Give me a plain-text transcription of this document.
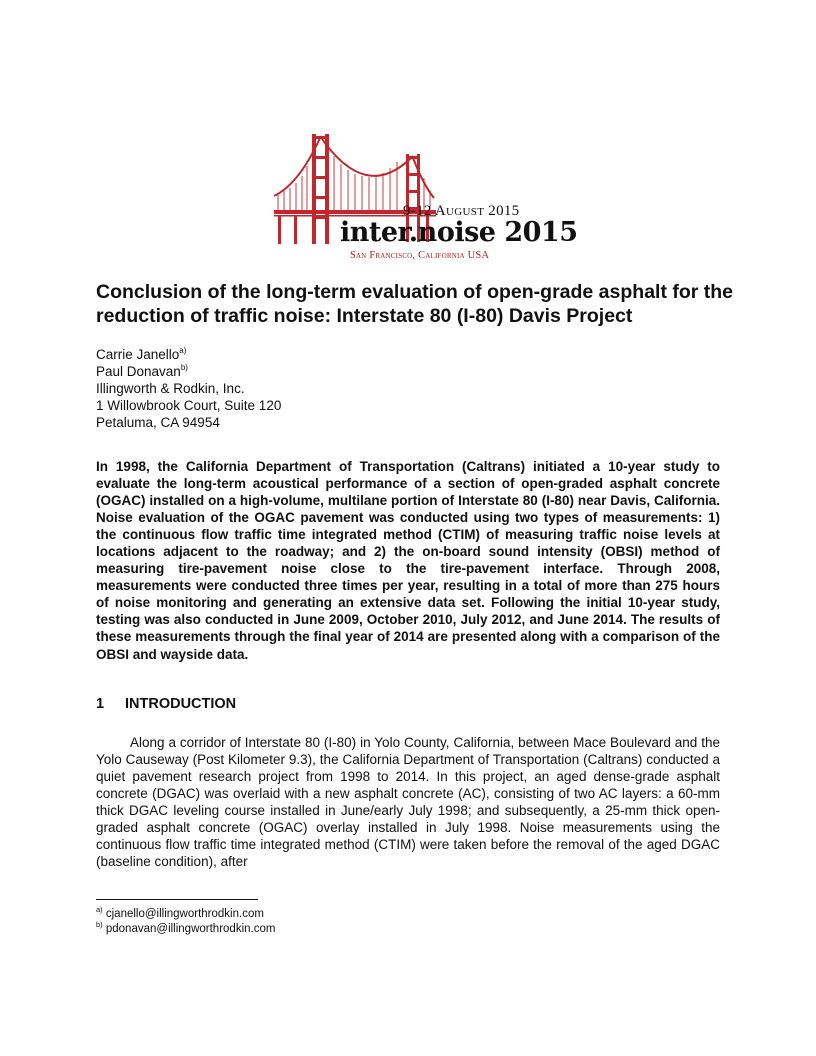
9-12 August 2015
inter.noise 2015
San Francisco, California USA
Conclusion of the long-term evaluation of open-grade asphalt for the reduction of traffic noise: Interstate 80 (I-80) Davis Project
Carrie Janello$^{a)}$
Paul Donavan$^{b)}$
Illingworth & Rodkin, Inc.
1 Willowbrook Court, Suite 120
Petaluma, CA 94954
In 1998, the California Department of Transportation (Caltrans) initiated a 10-year study to evaluate the long-term acoustical performance of a section of open-graded asphalt concrete (OGAC) installed on a high-volume, multilane portion of Interstate 80 (I-80) near Davis, California. Noise evaluation of the OGAC pavement was conducted using two types of measurements: 1) the continuous flow traffic time integrated method (CTIM) of measuring traffic noise levels at locations adjacent to the roadway; and 2) the on-board sound intensity (OBSI) method of measuring tire-pavement noise close to the tire-pavement interface. Through 2008, measurements were conducted three times per year, resulting in a total of more than 275 hours of noise monitoring and generating an extensive data set. Following the initial 10-year study, testing was also conducted in June 2009, October 2010, July 2012, and June 2014. The results of these measurements through the final year of 2014 are presented along with a comparison of the OBSI and wayside data.
1 INTRODUCTION
Along a corridor of Interstate 80 (I-80) in Yolo County, California, between Mace Boulevard and the Yolo Causeway (Post Kilometer 9.3), the California Department of Transportation (Caltrans) conducted a quiet pavement research project from 1998 to 2014. In this project, an aged dense-grade asphalt concrete (DGAC) was overlaid with a new asphalt concrete (AC), consisting of two AC layers: a 60-mm thick DGAC leveling course installed in June/early July 1998; and subsequently, a 25-mm thick open-graded asphalt concrete (OGAC) overlay installed in July 1998. Noise measurements using the continuous flow traffic time integrated method (CTIM) were taken before the removal of the aged DGAC (baseline condition), after
$^{a)}$ cjanello@illingworthrodkin.com
$^{b)}$ pdonavan@illingworthrodkin.com
